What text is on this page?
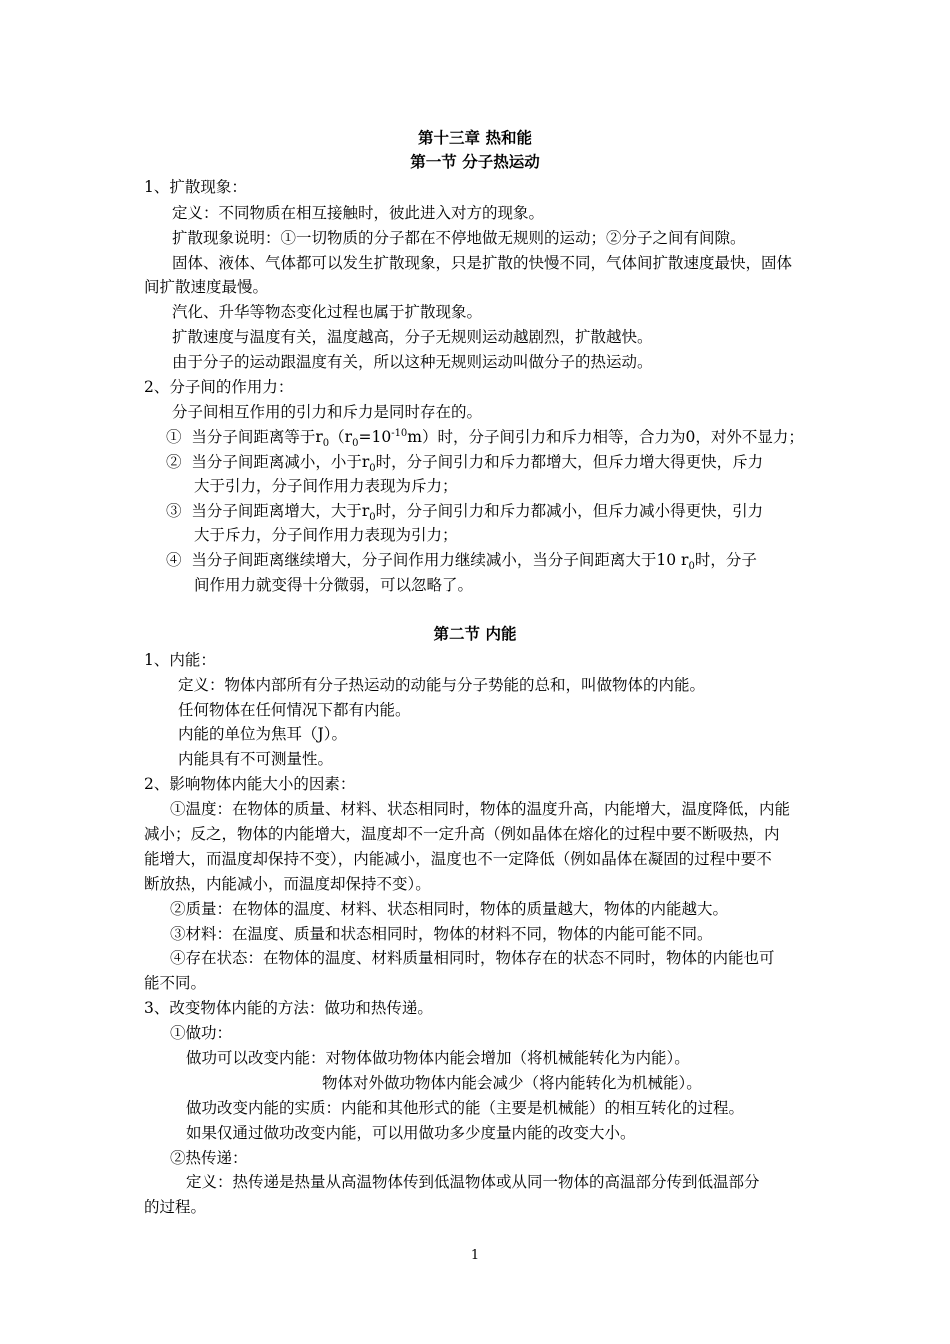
第十三章 热和能
第一节 分子热运动
1、扩散现象：
定义：不同物质在相互接触时，彼此进入对方的现象。
扩散现象说明：①一切物质的分子都在不停地做无规则的运动；②分子之间有间隙。
固体、液体、气体都可以发生扩散现象，只是扩散的快慢不同，气体间扩散速度最快，固体
间扩散速度最慢。
汽化、升华等物态变化过程也属于扩散现象。
扩散速度与温度有关，温度越高，分子无规则运动越剧烈，扩散越快。
由于分子的运动跟温度有关，所以这种无规则运动叫做分子的热运动。
2、分子间的作用力：
分子间相互作用的引力和斥力是同时存在的。
① 当分子间距离等于$r_0(r_0=10^{-10}m)$时，分子间引力和斥力相等，合力为0，对外不显力；
② 当分子间距离减小，小于$r_0$时，分子间引力和斥力都增大，但斥力增大得更快，斥力
大于引力，分子间作用力表现为斥力；
③ 当分子间距离增大，大于$r_0$时，分子间引力和斥力都减小，但斥力减小得更快，引力
大于斥力，分子间作用力表现为引力；
④ 当分子间距离继续增大，分子间作用力继续减小，当分子间距离大于10 $r_0$时，分子
间作用力就变得十分微弱，可以忽略了。
第二节 内能
1、内能：
定义：物体内部所有分子热运动的动能与分子势能的总和，叫做物体的内能。
任何物体在任何情况下都有内能。
内能的单位为焦耳（J）。
内能具有不可测量性。
2、影响物体内能大小的因素：
①温度：在物体的质量、材料、状态相同时，物体的温度升高，内能增大，温度降低，内能
减小；反之，物体的内能增大，温度却不一定升高（例如晶体在熔化的过程中要不断吸热，内
能增大，而温度却保持不变），内能减小，温度也不一定降低（例如晶体在凝固的过程中要不
断放热，内能减小，而温度却保持不变）。
②质量：在物体的温度、材料、状态相同时，物体的质量越大，物体的内能越大。
③材料：在温度、质量和状态相同时，物体的材料不同，物体的内能可能不同。
④存在状态：在物体的温度、材料质量相同时，物体存在的状态不同时，物体的内能也可
能不同。
3、改变物体内能的方法：做功和热传递。
①做功：
做功可以改变内能：对物体做功物体内能会增加（将机械能转化为内能）。
物体对外做功物体内能会减少（将内能转化为机械能）。
做功改变内能的实质：内能和其他形式的能（主要是机械能）的相互转化的过程。
如果仅通过做功改变内能，可以用做功多少度量内能的改变大小。
②热传递：
定义：热传递是热量从高温物体传到低温物体或从同一物体的高温部分传到低温部分
的过程。
1
